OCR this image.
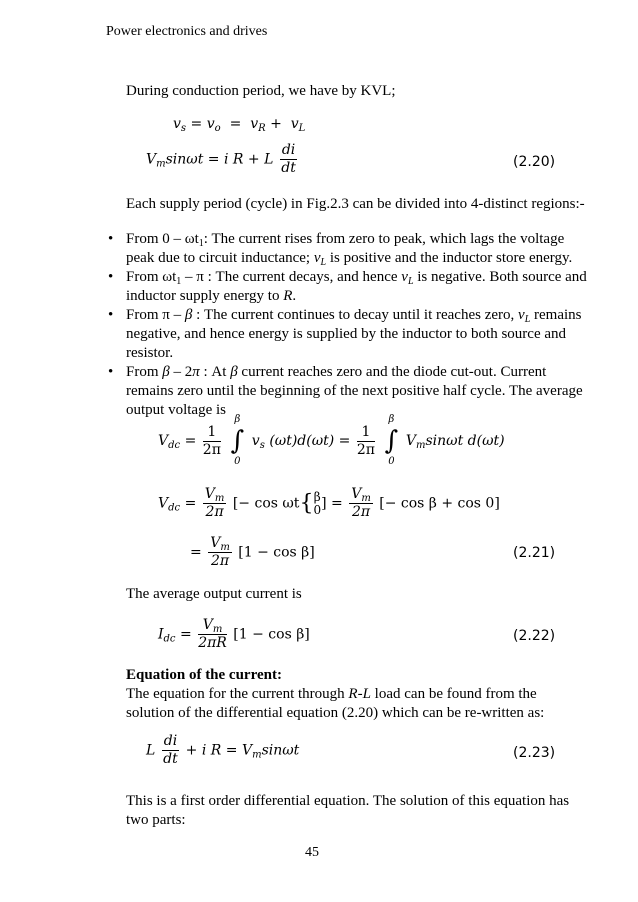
Power electronics and drives
During conduction period, we have by KVL;
$v_s = v_o = v_R + v_L$
$V_m\sin\omega t = i$ R + L $\frac{di}{dt}$	(2.20)
Each supply period (cycle) in Fig.2.3 can be divided into 4-distinct regions:-
• From $0 - \omega t_1$: The current rises from zero to peak, which lags the voltage
peak due to circuit inductance; $v_L$ is positive and the inductor store energy.
• From $\omega t_1$ – π : The current decays, and hence $v_L$ is negative. Both source and
inductor supply energy to R.
• From π – β : The current continues to decay until it reaches zero, $v_L$ remains
negative, and hence energy is supplied by the inductor to both source and
resistor.
• From β – 2π : At β current reaches zero and the diode cut-out. Current
remains zero until the beginning of the next positive half cycle. The average
output voltage is
$V_{dc} = \frac{1}{2\pi}$

β
∫
0
$v_s$ $(\omega t)d(\omega t) = \frac{1}{2\pi}$

β
∫
0
$V_m\sin\omega t$ d(ωt)
$V_{dc} = \frac{V_m}{2\pi}$ [− cos ωt{ β
0 ] = $\frac{V_m}{2\pi}$ [− cos β + cos 0]
= $\frac{V_m}{2\pi} [1 - \cos \beta]$	(2.21)
The average output current is
$I_{dc} = \frac{V_m}{2\pi R} [1 - \cos \beta]$	(2.22)
Equation of the current:
The equation for the current through R-L load can be found from the
solution of the differential equation (2.20) which can be re-written as:
L $\frac{di}{dt} + i$ $R = V_m\sin\omega t$	(2.23)
This is a first order differential equation. The solution of this equation has
two parts:
45
